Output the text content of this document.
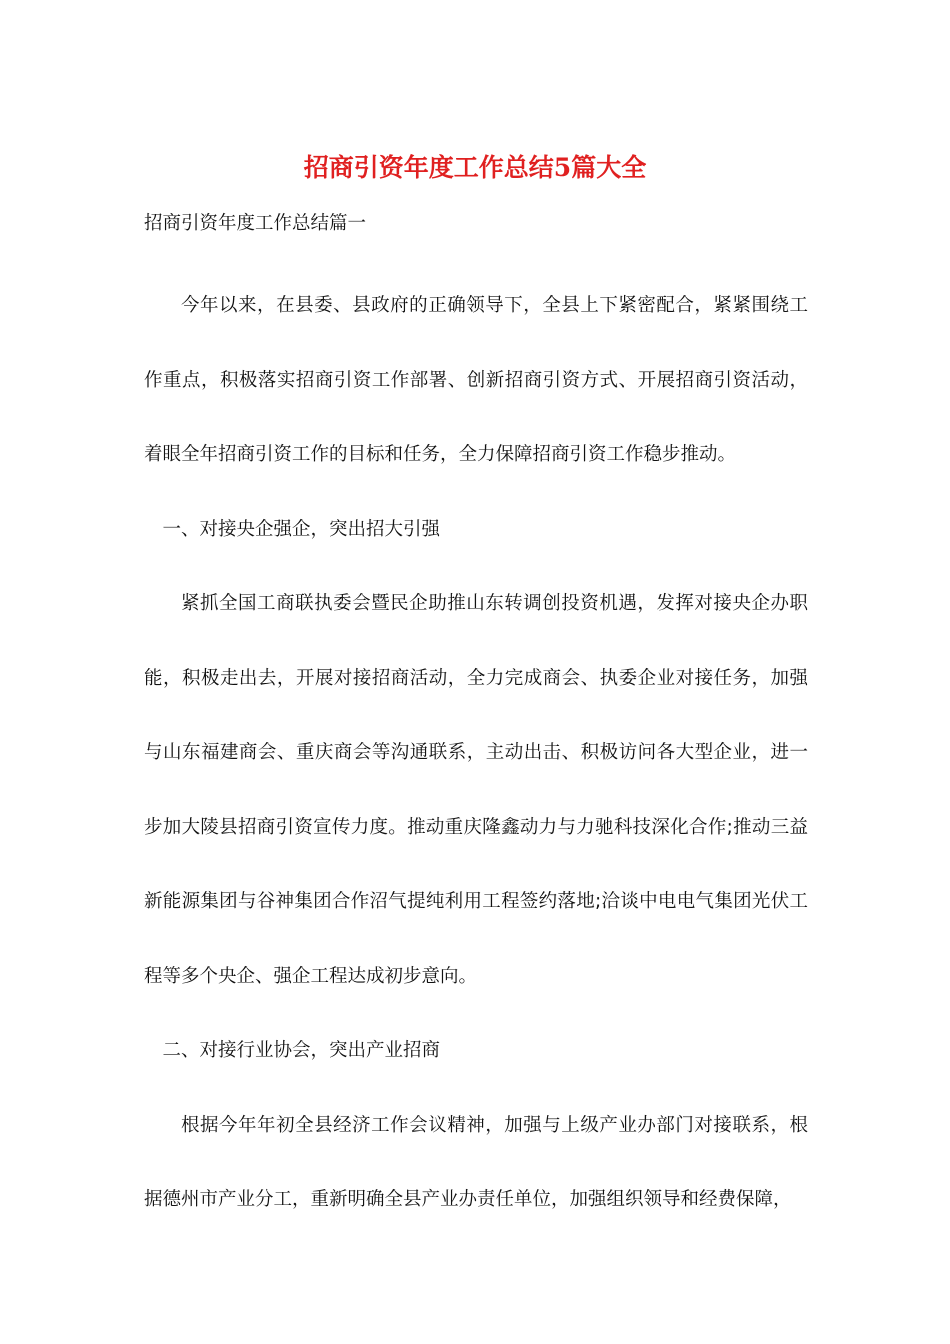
招商引资年度工作总结5篇大全

招商引资年度工作总结篇一

今年以来，在县委、县政府的正确领导下，全县上下紧密配合，紧紧围绕工作重点，积极落实招商引资工作部署、创新招商引资方式、开展招商引资活动，着眼全年招商引资工作的目标和任务，全力保障招商引资工作稳步推动。

一、对接央企强企，突出招大引强

紧抓全国工商联执委会暨民企助推山东转调创投资机遇，发挥对接央企办职能，积极走出去，开展对接招商活动，全力完成商会、执委企业对接任务，加强与山东福建商会、重庆商会等沟通联系，主动出击、积极访问各大型企业，进一步加大陵县招商引资宣传力度。推动重庆隆鑫动力与力驰科技深化合作;推动三益新能源集团与谷神集团合作沼气提纯利用工程签约落地;洽谈中电电气集团光伏工程等多个央企、强企工程达成初步意向。

二、对接行业协会，突出产业招商

根据今年年初全县经济工作会议精神，加强与上级产业办部门对接联系，根据德州市产业分工，重新明确全县产业办责任单位，加强组织领导和经费保障，
